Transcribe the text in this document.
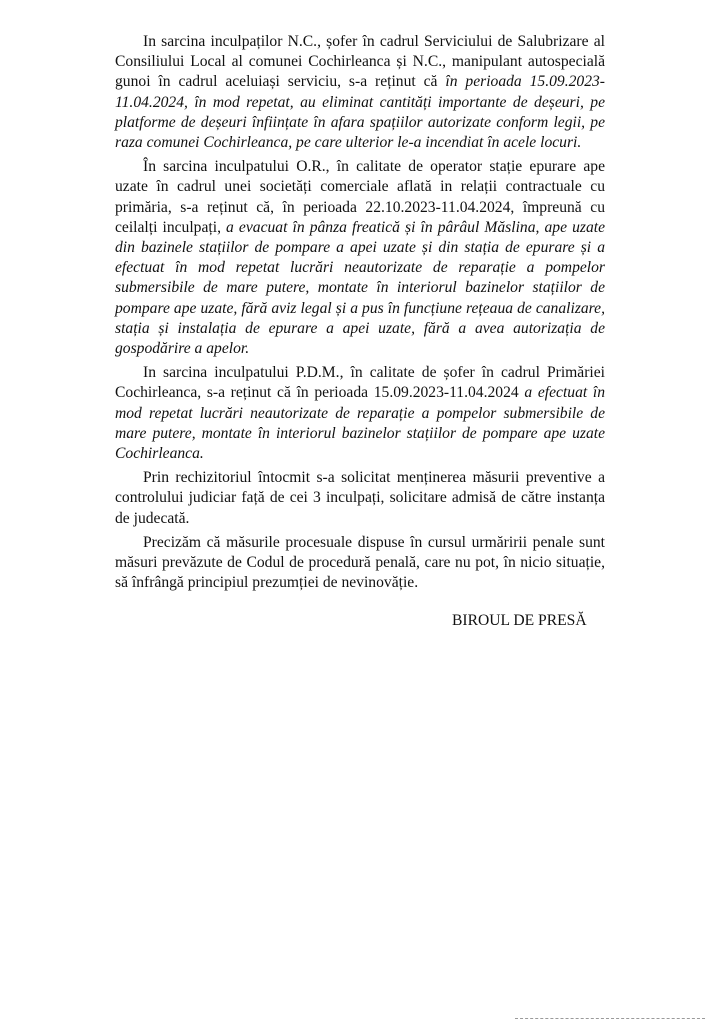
In sarcina inculpaților N.C., șofer în cadrul Serviciului de Salubrizare al Consiliului Local al comunei Cochirleanca și N.C., manipulant autospecială gunoi în cadrul aceluiași serviciu, s-a reținut că în perioada 15.09.2023-11.04.2024, în mod repetat, au eliminat cantități importante de deșeuri, pe platforme de deșeuri înființate în afara spațiilor autorizate conform legii, pe raza comunei Cochirleanca, pe care ulterior le-a incendiat în acele locuri.

În sarcina inculpatului O.R., în calitate de operator stație epurare ape uzate în cadrul unei societăți comerciale aflată in relații contractuale cu primăria, s-a reținut că, în perioada 22.10.2023-11.04.2024, împreună cu ceilalți inculpați, a evacuat în pânza freatică și în pârâul Măslina, ape uzate din bazinele stațiilor de pompare a apei uzate și din stația de epurare și a efectuat în mod repetat lucrări neautorizate de reparație a pompelor submersibile de mare putere, montate în interiorul bazinelor stațiilor de pompare ape uzate, fără aviz legal și a pus în funcțiune rețeaua de canalizare, stația și instalația de epurare a apei uzate, fără a avea autorizația de gospodărire a apelor.

In sarcina inculpatului P.D.M., în calitate de șofer în cadrul Primăriei Cochirleanca, s-a reținut că în perioada 15.09.2023-11.04.2024 a efectuat în mod repetat lucrări neautorizate de reparație a pompelor submersibile de mare putere, montate în interiorul bazinelor stațiilor de pompare ape uzate Cochirleanca.

Prin rechizitoriul întocmit s-a solicitat menținerea măsurii preventive a controlului judiciar față de cei 3 inculpați, solicitare admisă de către instanța de judecată.

Precizăm că măsurile procesuale dispuse în cursul urmăririi penale sunt măsuri prevăzute de Codul de procedură penală, care nu pot, în nicio situație, să înfrângă principiul prezumției de nevinovăție.

BIROUL DE PRESĂ
